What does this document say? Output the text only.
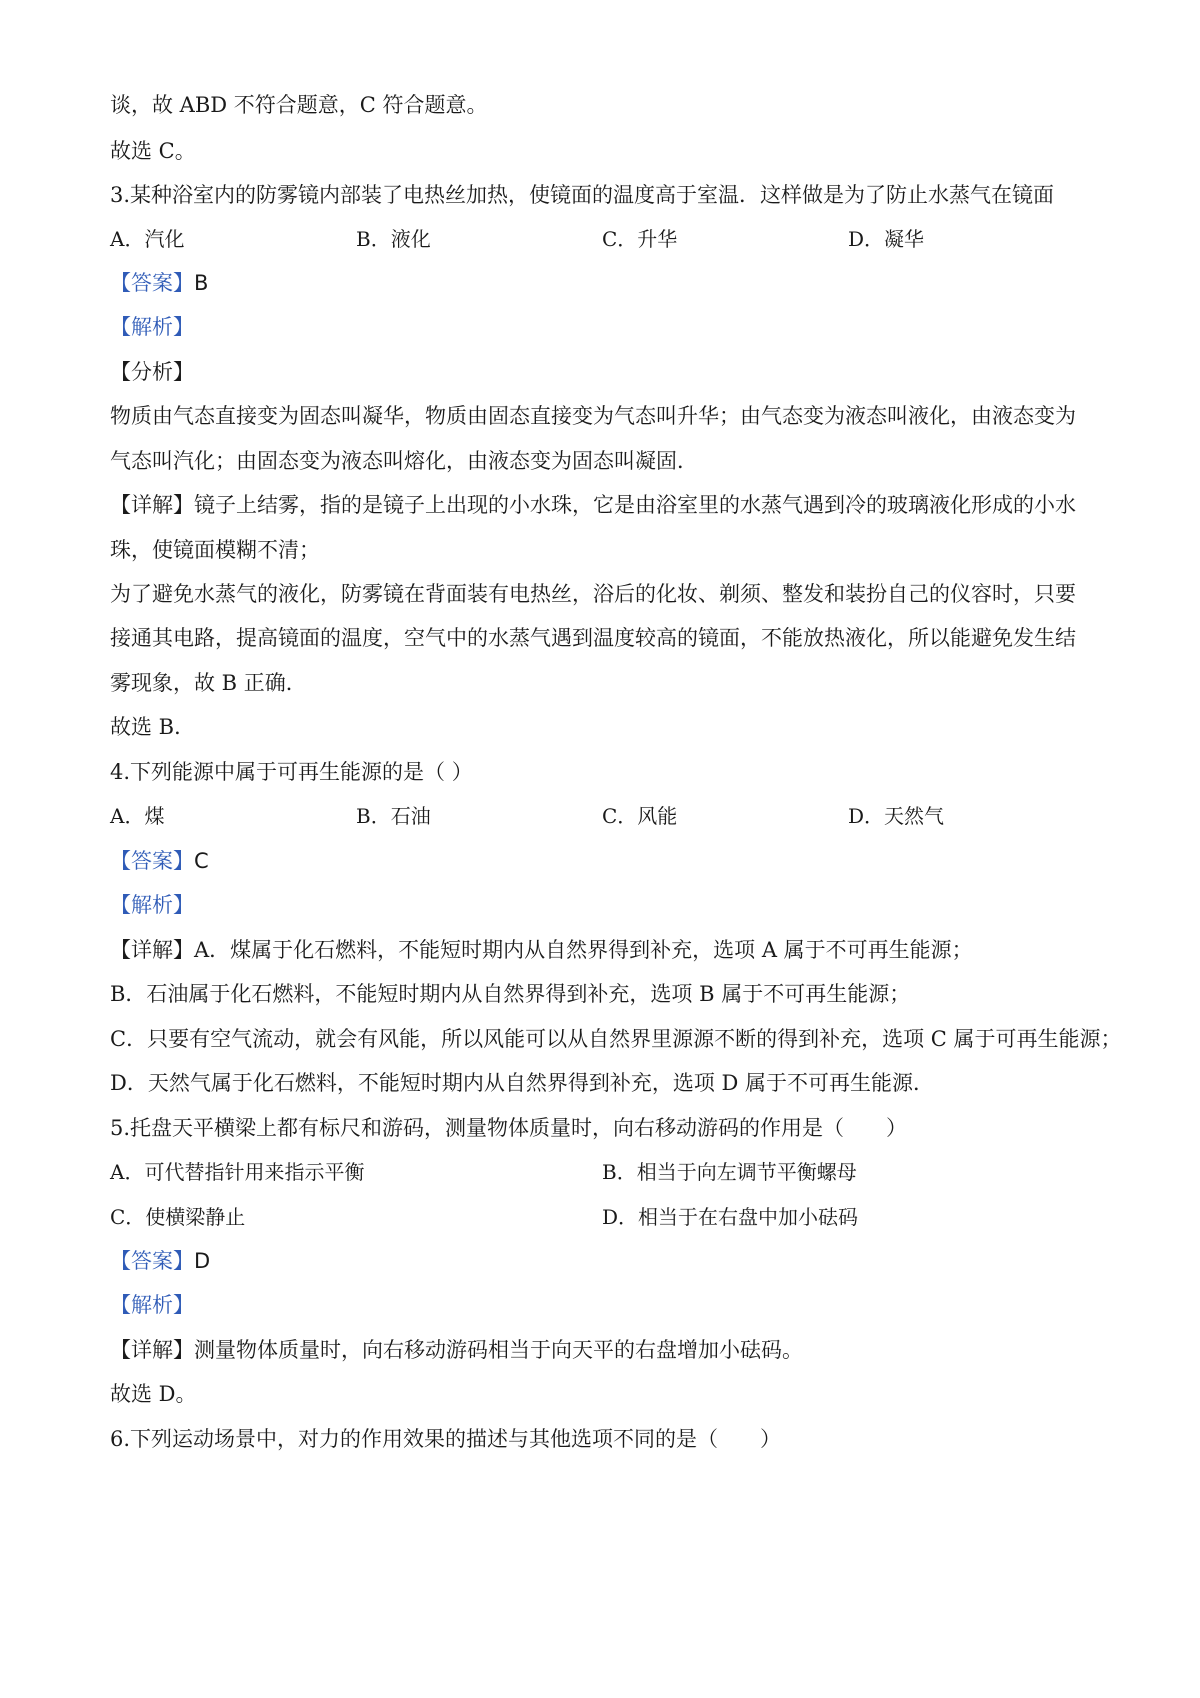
谈，故 ABD 不符合题意，C 符合题意。
故选 C。
3.某种浴室内的防雾镜内部装了电热丝加热，使镜面的温度高于室温．这样做是为了防止水蒸气在镜面
A．汽化	B．液化	C．升华	D．凝华
【答案】B
【解析】
【分析】
物质由气态直接变为固态叫凝华，物质由固态直接变为气态叫升华；由气态变为液态叫液化，由液态变为
气态叫汽化；由固态变为液态叫熔化，由液态变为固态叫凝固．
【详解】镜子上结雾，指的是镜子上出现的小水珠，它是由浴室里的水蒸气遇到冷的玻璃液化形成的小水
珠，使镜面模糊不清；
为了避免水蒸气的液化，防雾镜在背面装有电热丝，浴后的化妆、剃须、整发和装扮自己的仪容时，只要
接通其电路，提高镜面的温度，空气中的水蒸气遇到温度较高的镜面，不能放热液化，所以能避免发生结
雾现象，故 B 正确．
故选 B．
4.下列能源中属于可再生能源的是（ ）
A．煤	B．石油	C．风能	D．天然气
【答案】C
【解析】
【详解】A．煤属于化石燃料，不能短时期内从自然界得到补充，选项 A 属于不可再生能源；
B．石油属于化石燃料，不能短时期内从自然界得到补充，选项 B 属于不可再生能源；
C．只要有空气流动，就会有风能，所以风能可以从自然界里源源不断的得到补充，选项 C 属于可再生能源；
D．天然气属于化石燃料，不能短时期内从自然界得到补充，选项 D 属于不可再生能源．
5.托盘天平横梁上都有标尺和游码，测量物体质量时，向右移动游码的作用是（　　）
A．可代替指针用来指示平衡	B．相当于向左调节平衡螺母
C．使横梁静止	D．相当于在右盘中加小砝码
【答案】D
【解析】
【详解】测量物体质量时，向右移动游码相当于向天平的右盘增加小砝码。
故选 D。
6.下列运动场景中，对力的作用效果的描述与其他选项不同的是（　　）
